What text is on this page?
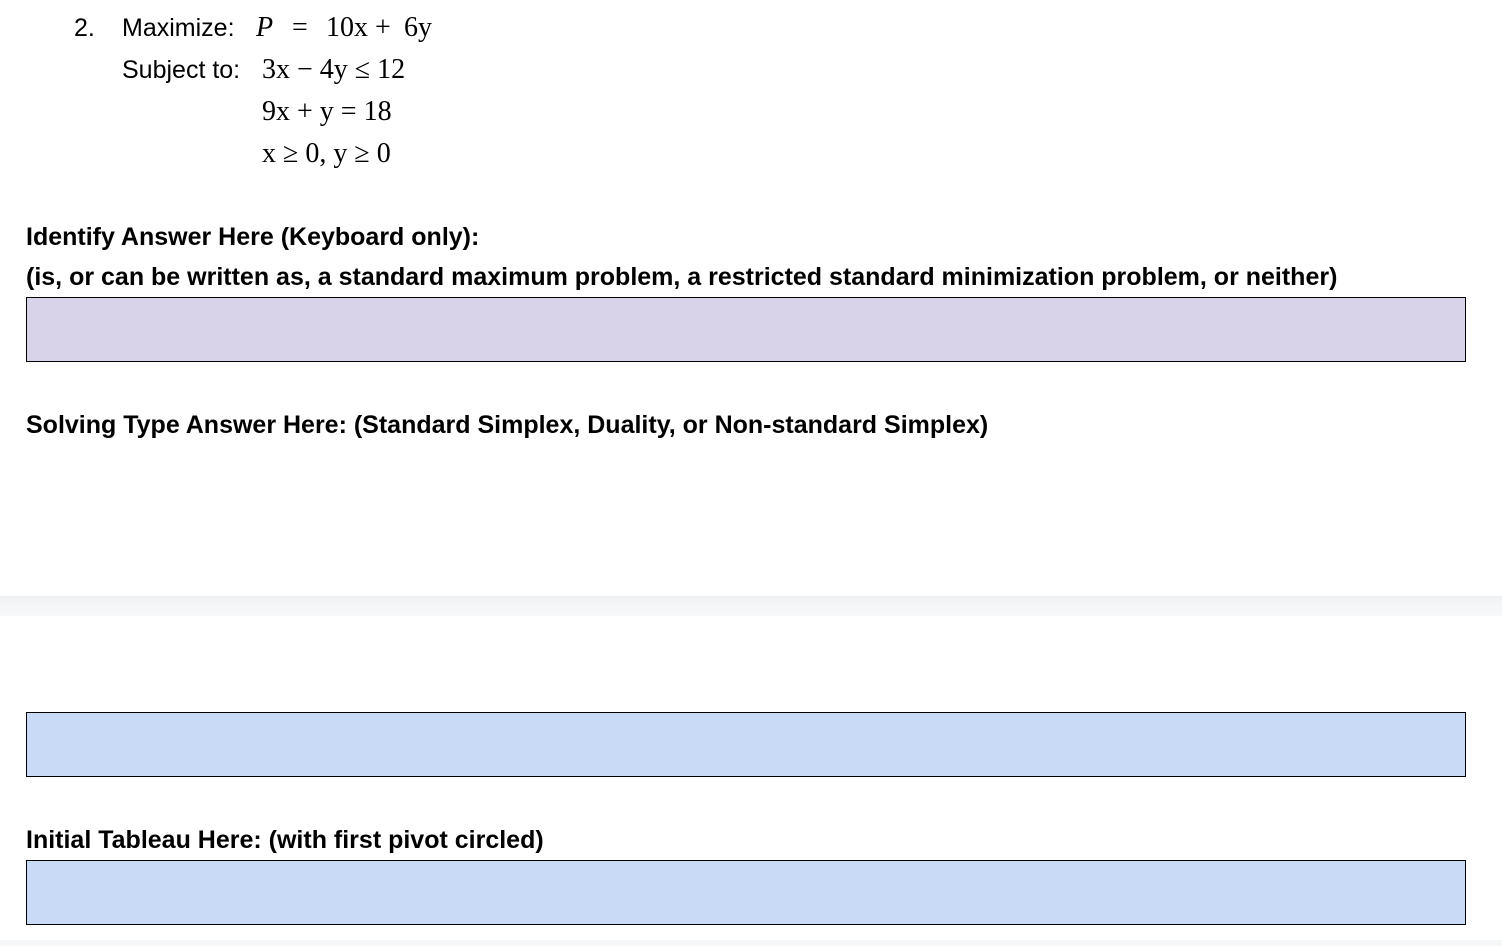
2. Maximize: P = 10x + 6y
Subject to: 3x − 4y ≤ 12
9x + y = 18
x ≥ 0, y ≥ 0
Identify Answer Here (Keyboard only):
(is, or can be written as, a standard maximum problem, a restricted standard minimization problem, or neither)
Solving Type Answer Here: (Standard Simplex, Duality, or Non-standard Simplex)
Initial Tableau Here: (with first pivot circled)
